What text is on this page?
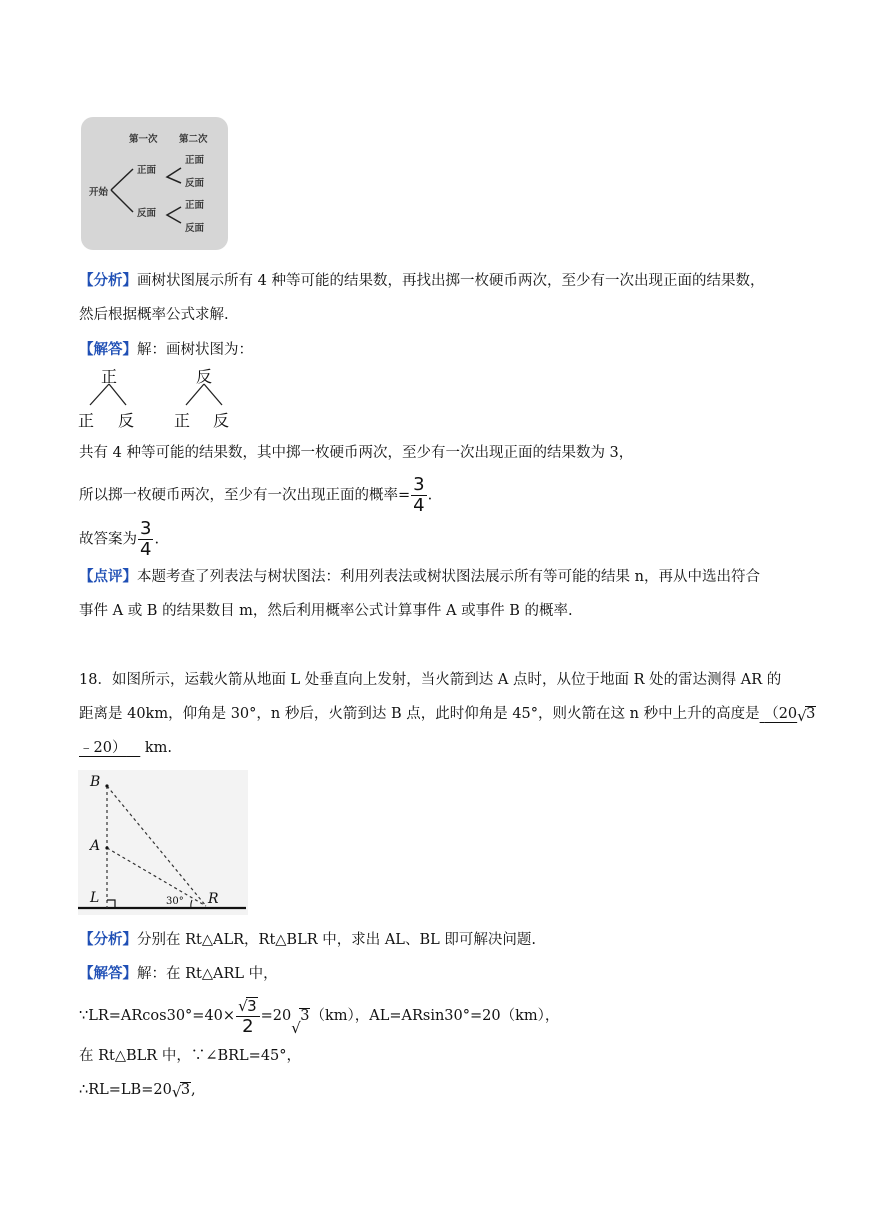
第一次 第二次
开始
正面
反面
正面
反面
正面
反面
【分析】画树状图展示所有 4 种等可能的结果数，再找出掷一枚硬币两次，至少有一次出现正面的结果数，
然后根据概率公式求解.
【解答】解：画树状图为：
正	反
正 反 正 反
共有 4 种等可能的结果数，其中掷一枚硬币两次，至少有一次出现正面的结果数为 3，
所以掷一枚硬币两次，至少有一次出现正面的概率= $\frac{3}{4}$ .
故答案为 $\frac{3}{4}$ .
【点评】本题考查了列表法与树状图法：利用列表法或树状图法展示所有等可能的结果 n，再从中选出符合
事件 A 或 B 的结果数目 m，然后利用概率公式计算事件 A 或事件 B 的概率.
18．如图所示，运载火箭从地面 L 处垂直向上发射，当火箭到达 A 点时，从位于地面 R 处的雷达测得 AR 的
距离是 40km，仰角是 30°，n 秒后，火箭到达 B 点，此时仰角是 45°，则火箭在这 n 秒中上升的高度是 （20 √ 3
﹣20） km.
B
A
L	R
30°
【分析】分别在 Rt△ALR，Rt△BLR 中，求出 AL、BL 即可解决问题.
【解答】解：在 Rt△ARL 中，
∵LR=ARcos30°=40× $\frac{√ 3}{2} =20$
√
3（km），AL=ARsin30°=20（km），
在 Rt△BLR 中，∵∠BRL=45°，
∴RL=LB=20 √ 3,
